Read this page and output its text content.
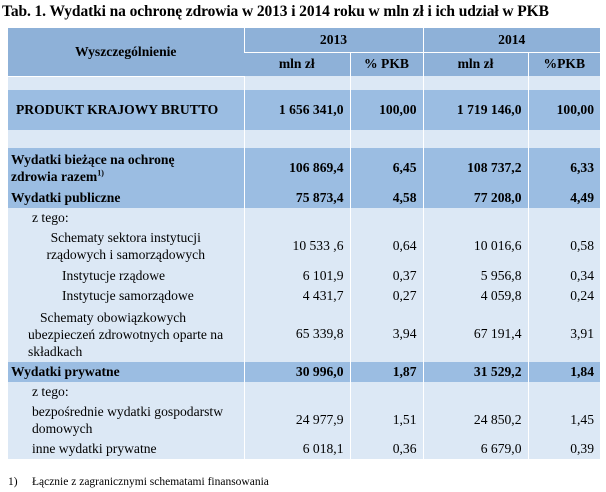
Tab. 1. Wydatki na ochronę zdrowia w 2013 i 2014 roku w mln zł i ich udział w PKB
Wyszczególnienie	2013		2014	
	mln zł	% PKB	mln zł	%PKB

PRODUKT KRAJOWY BRUTTO	1 656 341,0	100,00	1 719 146,0	100,00

Wydatki bieżące na ochronę
zdrowia razem$^{1)}$	106 869,4	6,45	108 737,2	6,33
Wydatki publiczne	75 873,4	4,58	77 208,0	4,49
z tego:				
Schematy sektora instytucji
rządowych i samorządowych	10 533 ,6	0,64	10 016,6	0,58
Instytucje rządowe	6 101,9	0,37	5 956,8	0,34
Instytucje samorządowe	4 431,7	0,27	4 059,8	0,24
Schematy obowiązkowych
ubezpieczeń zdrowotnych oparte na
składkach	65 339,8	3,94	67 191,4	3,91
Wydatki prywatne	30 996,0	1,87	31 529,2	1,84
z tego:				
bezpośrednie wydatki gospodarstw
domowych	24 977,9	1,51	24 850,2	1,45
inne wydatki prywatne	6 018,1	0,36	6 679,0	0,39
1) Łącznie z zagranicznymi schematami finansowania
